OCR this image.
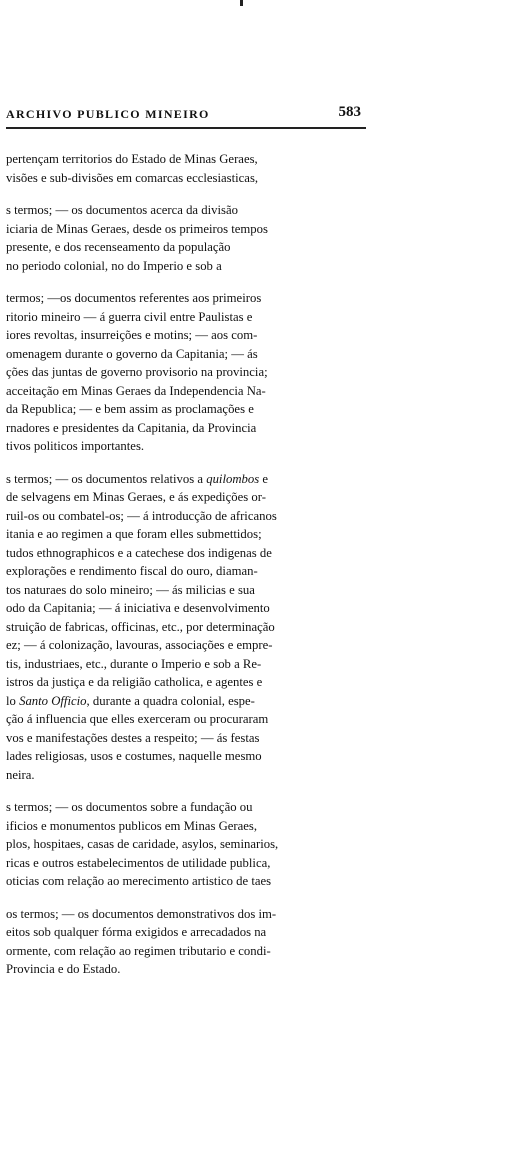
ARCHIVO PUBLICO MINEIRO	583
pertençam territorios do Estado de Minas Geraes,
visões e sub-divisões em comarcas ecclesiasticas,
s termos; — os documentos acerca da divisão
iciaria de Minas Geraes, desde os primeiros tempos
presente, e dos recenseamento da população
no periodo colonial, no do Imperio e sob a
termos; —os documentos referentes aos primeiros
ritorio mineiro — á guerra civil entre Paulistas e
iores revoltas, insurreições e motins; — aos com-
omenagem durante o governo da Capitania; — ás
ções das juntas de governo provisorio na provincia;
acceitação em Minas Geraes da Independencia Na-
da Republica; — e bem assim as proclamações e
rnadores e presidentes da Capitania, da Provincia
tivos politicos importantes.
s termos; — os documentos relativos a quilombos e
de selvagens em Minas Geraes, e ás expedições or-
ruil-os ou combatel-os; — á introducção de africanos
itania e ao regimen a que foram elles submettidos;
tudos ethnographicos e a catechese dos indigenas de
explorações e rendimento fiscal do ouro, diaman-
tos naturaes do solo mineiro; — ás milicias e sua
odo da Capitania; — á iniciativa e desenvolvimento
struição de fabricas, officinas, etc., por determinação
ez; — á colonização, lavouras, associações e empre-
tis, industriaes, etc., durante o Imperio e sob a Re-
istros da justiça e da religião catholica, e agentes e
lo Santo Officio, durante a quadra colonial, espe-
ção á influencia que elles exerceram ou procuraram
vos e manifestações destes a respeito; — ás festas
lades religiosas, usos e costumes, naquelle mesmo
neira.
s termos; — os documentos sobre a fundação ou
ificios e monumentos publicos em Minas Geraes,
plos, hospitaes, casas de caridade, asylos, seminarios,
ricas e outros estabelecimentos de utilidade publica,
oticias com relação ao merecimento artistico de taes
os termos; — os documentos demonstrativos dos im-
eitos sob qualquer fórma exigidos e arrecadados na
ormente, com relação ao regimen tributario e condi-
Provincia e do Estado.
